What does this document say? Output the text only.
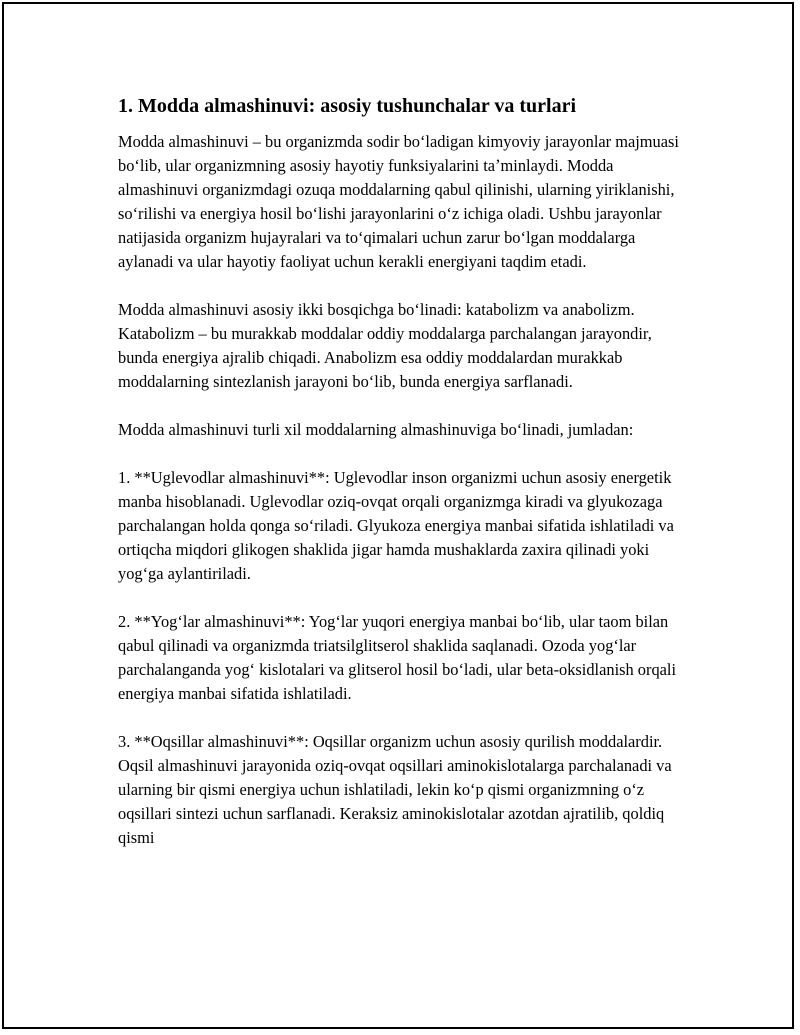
1. Modda almashinuvi: asosiy tushunchalar va turlari

Modda almashinuvi – bu organizmda sodir boʻladigan kimyoviy jarayonlar majmuasi boʻlib, ular organizmning asosiy hayotiy funksiyalarini taʼminlaydi. Modda almashinuvi organizmdagi ozuqa moddalarning qabul qilinishi, ularning yiriklanishi, soʻrilishi va energiya hosil boʻlishi jarayonlarini oʻz ichiga oladi. Ushbu jarayonlar natijasida organizm hujayralari va toʻqimalari uchun zarur boʻlgan moddalarga aylanadi va ular hayotiy faoliyat uchun kerakli energiyani taqdim etadi.

Modda almashinuvi asosiy ikki bosqichga boʻlinadi: katabolizm va anabolizm. Katabolizm – bu murakkab moddalar oddiy moddalarga parchalangan jarayondir, bunda energiya ajralib chiqadi. Anabolizm esa oddiy moddalardan murakkab moddalarning sintezlanish jarayoni boʻlib, bunda energiya sarflanadi.

Modda almashinuvi turli xil moddalarning almashinuviga boʻlinadi, jumladan:

1. **Uglevodlar almashinuvi**: Uglevodlar inson organizmi uchun asosiy energetik manba hisoblanadi. Uglevodlar oziq-ovqat orqali organizmga kiradi va glyukozaga parchalangan holda qonga soʻriladi. Glyukoza energiya manbai sifatida ishlatiladi va ortiqcha miqdori glikogen shaklida jigar hamda mushaklarda zaxira qilinadi yoki yogʻga aylantiriladi.

2. **Yogʻlar almashinuvi**: Yogʻlar yuqori energiya manbai boʻlib, ular taom bilan qabul qilinadi va organizmda triatsilglitserol shaklida saqlanadi. Ozoda yogʻlar parchalanganda yogʻ kislotalari va glitserol hosil boʻladi, ular beta-oksidlanish orqali energiya manbai sifatida ishlatiladi.

3. **Oqsillar almashinuvi**: Oqsillar organizm uchun asosiy qurilish moddalardir. Oqsil almashinuvi jarayonida oziq-ovqat oqsillari aminokislotalarga parchalanadi va ularning bir qismi energiya uchun ishlatiladi, lekin koʻp qismi organizmning oʻz oqsillari sintezi uchun sarflanadi. Keraksiz aminokislotalar azotdan ajratilib, qoldiq qismi
